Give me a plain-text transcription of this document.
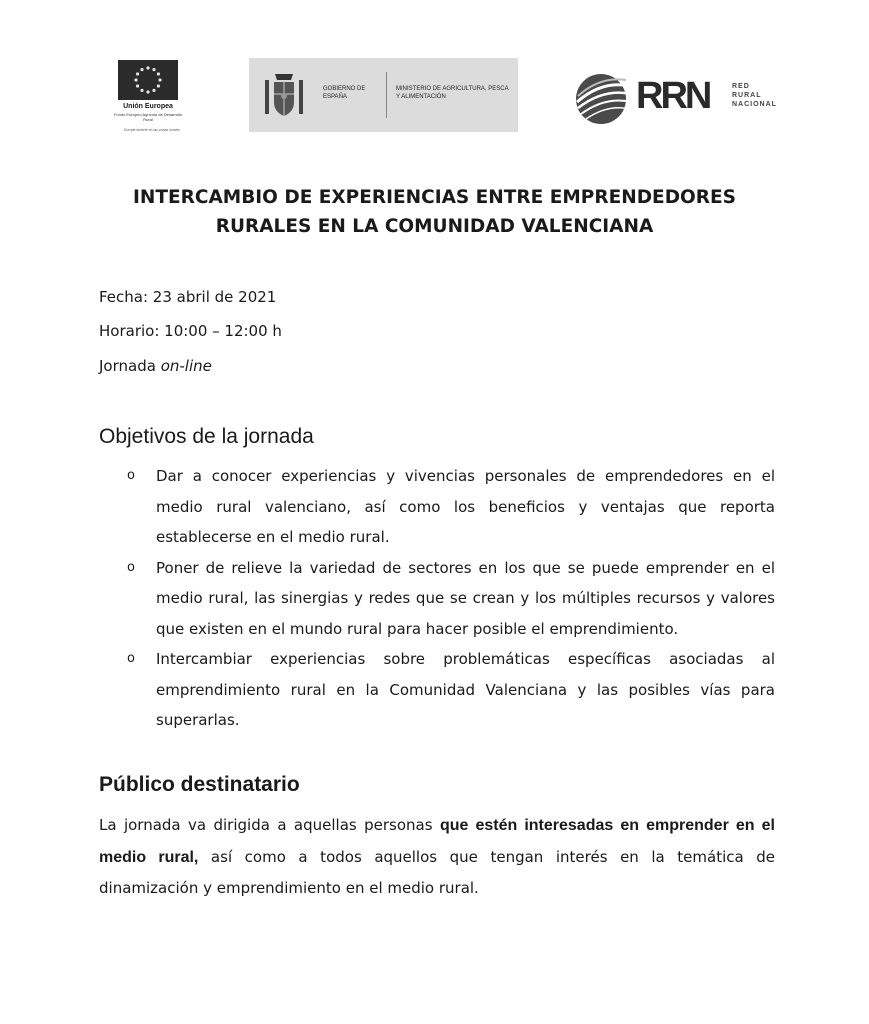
Unión Europea
Fondo Europeo Agrícola de Desarrollo Rural
Europa invierte en las zonas rurales
GOBIERNO DE ESPAÑA
MINISTERIO DE AGRICULTURA, PESCA Y ALIMENTACIÓN	RRN	RED
RURAL
NACIONAL
INTERCAMBIO DE EXPERIENCIAS ENTRE EMPRENDEDORES
RURALES EN LA COMUNIDAD VALENCIANA
Fecha: 23 abril de 2021
Horario: 10:00 – 12:00 h
Jornada on-line
Objetivos de la jornada
o Dar a conocer experiencias y vivencias personales de emprendedores en el medio rural valenciano, así como los beneficios y ventajas que reporta establecerse en el medio rural.
o Poner de relieve la variedad de sectores en los que se puede emprender en el medio rural, las sinergias y redes que se crean y los múltiples recursos y valores que existen en el mundo rural para hacer posible el emprendimiento.
o Intercambiar experiencias sobre problemáticas específicas asociadas al emprendimiento rural en la Comunidad Valenciana y las posibles vías para superarlas.
Público destinatario
La jornada va dirigida a aquellas personas que estén interesadas en emprender en el medio rural, así como a todos aquellos que tengan interés en la temática de dinamización y emprendimiento en el medio rural.
